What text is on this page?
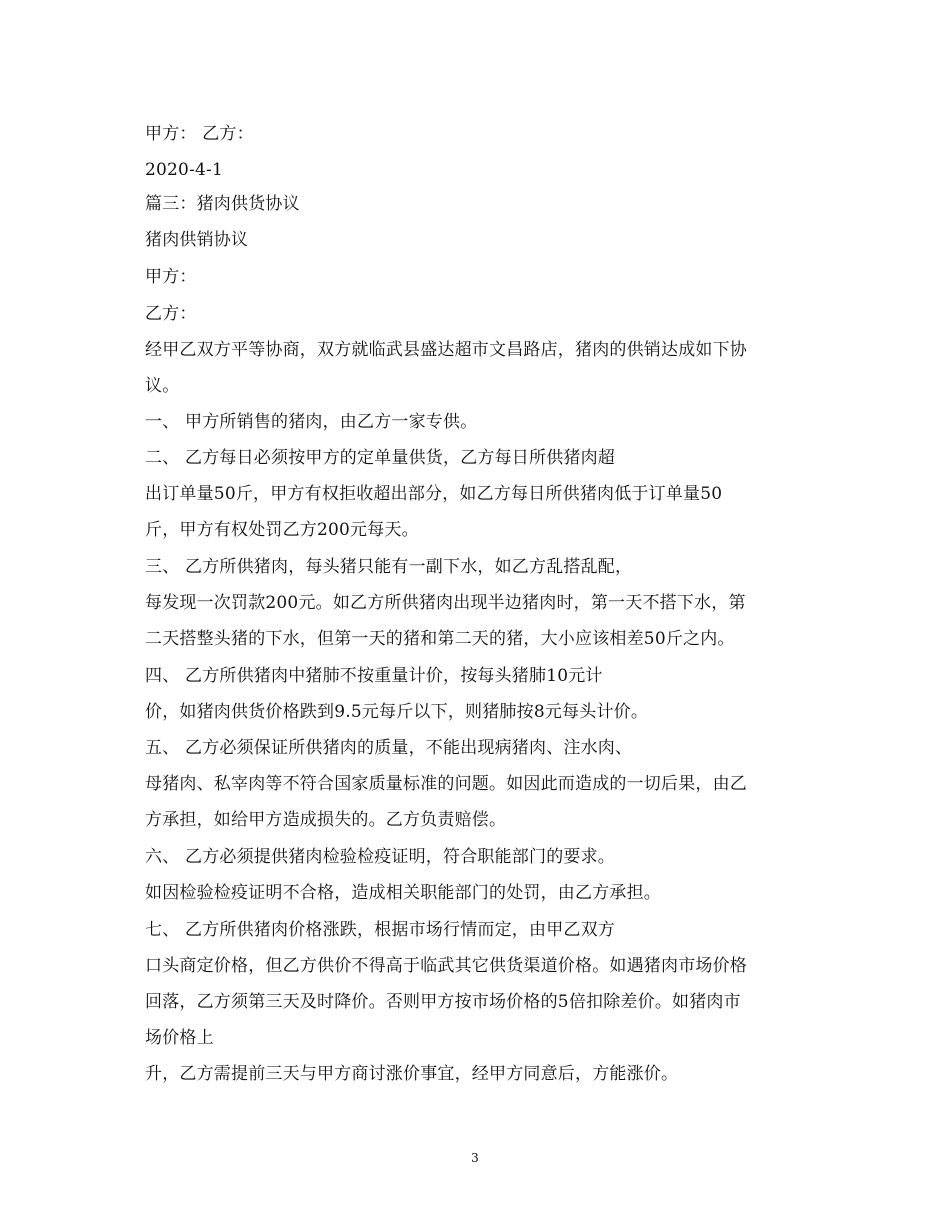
甲方： 乙方：
2020-4-1
篇三：猪肉供货协议
猪肉供销协议
甲方：
乙方：
经甲乙双方平等协商，双方就临武县盛达超市文昌路店，猪肉的供销达成如下协
议。
一、 甲方所销售的猪肉，由乙方一家专供。
二、 乙方每日必须按甲方的定单量供货，乙方每日所供猪肉超
出订单量50斤，甲方有权拒收超出部分，如乙方每日所供猪肉低于订单量50
斤，甲方有权处罚乙方200元每天。
三、 乙方所供猪肉，每头猪只能有一副下水，如乙方乱搭乱配，
每发现一次罚款200元。如乙方所供猪肉出现半边猪肉时，第一天不搭下水，第
二天搭整头猪的下水，但第一天的猪和第二天的猪，大小应该相差50斤之内。
四、 乙方所供猪肉中猪肺不按重量计价，按每头猪肺10元计
价，如猪肉供货价格跌到9.5元每斤以下，则猪肺按8元每头计价。
五、 乙方必须保证所供猪肉的质量，不能出现病猪肉、注水肉、
母猪肉、私宰肉等不符合国家质量标准的问题。如因此而造成的一切后果，由乙
方承担，如给甲方造成损失的。乙方负责赔偿。
六、 乙方必须提供猪肉检验检疫证明，符合职能部门的要求。
如因检验检疫证明不合格，造成相关职能部门的处罚，由乙方承担。
七、 乙方所供猪肉价格涨跌，根据市场行情而定，由甲乙双方
口头商定价格，但乙方供价不得高于临武其它供货渠道价格。如遇猪肉市场价格
回落，乙方须第三天及时降价。否则甲方按市场价格的5倍扣除差价。如猪肉市
场价格上
升，乙方需提前三天与甲方商讨涨价事宜，经甲方同意后，方能涨价。
3
